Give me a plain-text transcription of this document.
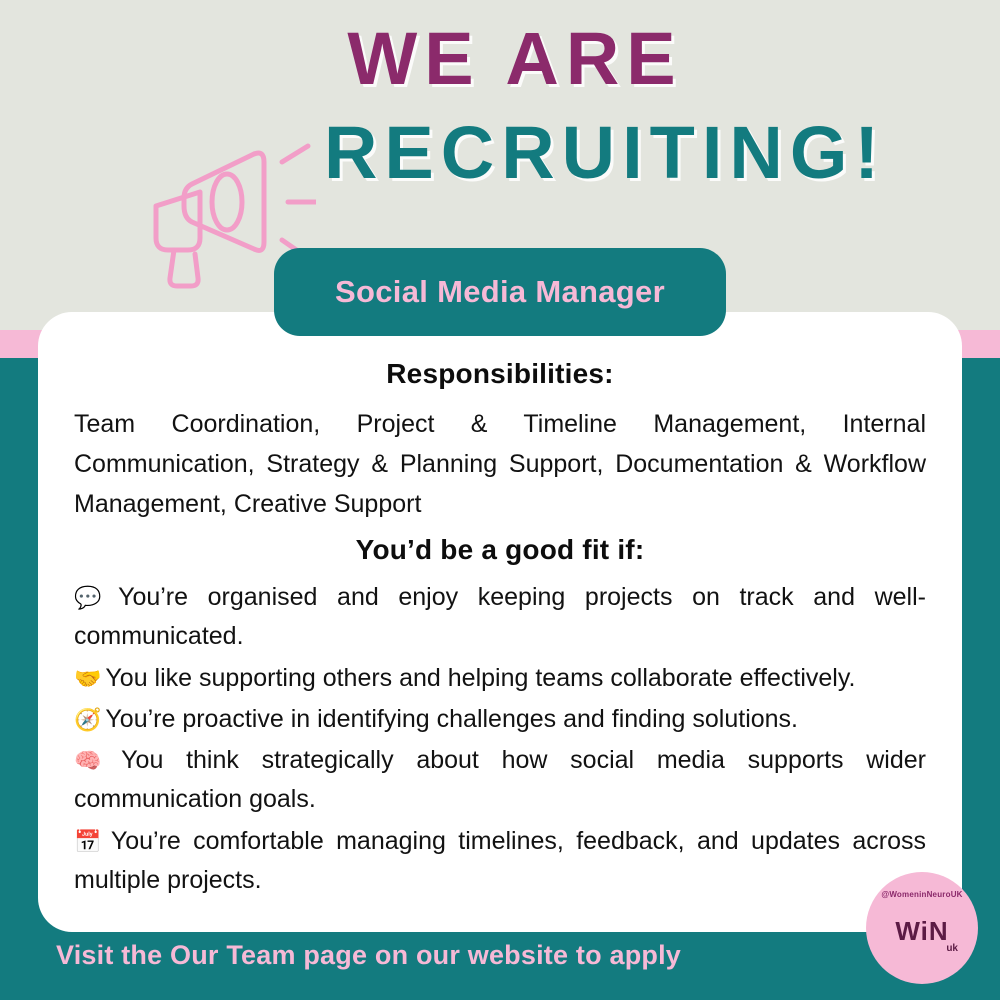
WE ARE
RECRUITING!
Responsibilities:

Team Coordination, Project & Timeline Management, Internal Communication, Strategy & Planning Support, Documentation & Workflow Management, Creative Support

You’d be a good fit if:
💬 You’re organised and enjoy keeping projects on track and well-communicated.
🤝 You like supporting others and helping teams collaborate effectively.
🧭 You’re proactive in identifying challenges and finding solutions.
🧠 You think strategically about how social media supports wider communication goals.
📅 You’re comfortable managing timelines, feedback, and updates across multiple projects.
Social Media Manager
Visit the Our Team page on our website to apply
@WomeninNeuroUK
WiN
uk
